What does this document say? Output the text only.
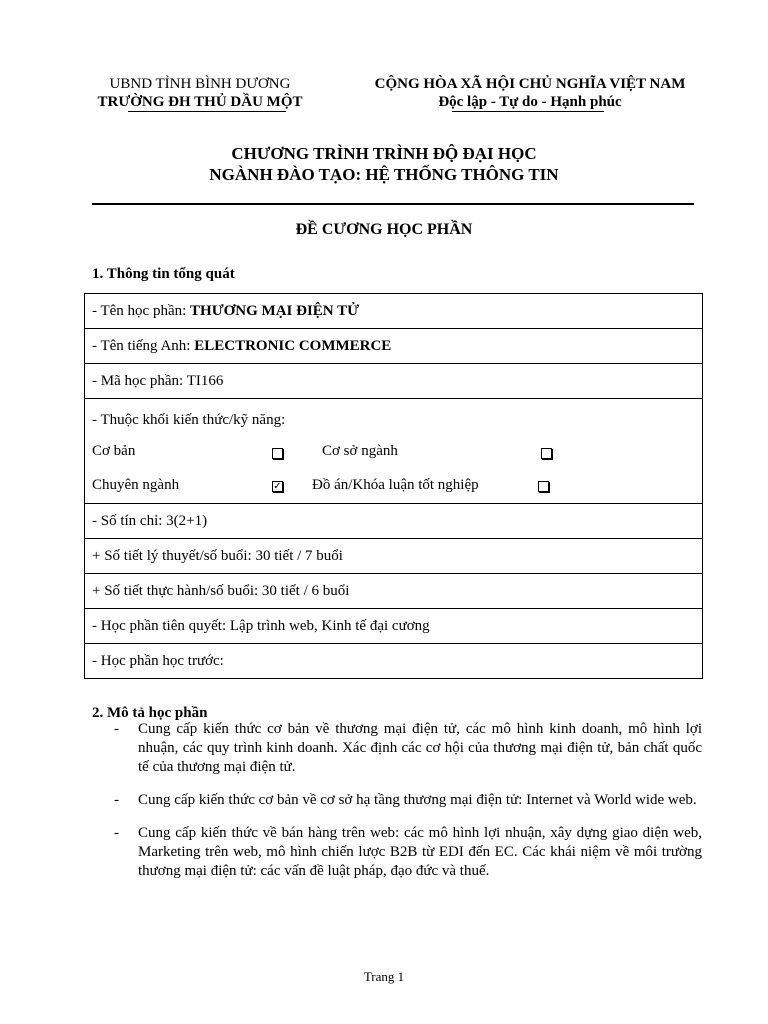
UBND TỈNH BÌNH DƯƠNG
TRƯỜNG ĐH THỦ DẦU MỘT
CỘNG HÒA XÃ HỘI CHỦ NGHĨA VIỆT NAM
Độc lập - Tự do - Hạnh phúc
CHƯƠNG TRÌNH TRÌNH ĐỘ ĐẠI HỌC
NGÀNH ĐÀO TẠO: HỆ THỐNG THÔNG TIN
ĐỀ CƯƠNG HỌC PHẦN
1. Thông tin tổng quát
- Tên học phần: THƯƠNG MẠI ĐIỆN TỬ
- Tên tiếng Anh: ELECTRONIC COMMERCE
- Mã học phần: TI166

- Thuộc khối kiến thức/kỹ năng:
Cơ bản	Cơ sở ngành
Chuyên ngành	✓ Đồ án/Khóa luận tốt nghiệp

- Số tín chỉ: 3(2+1)
+ Số tiết lý thuyết/số buổi: 30 tiết / 7 buổi
+ Số tiết thực hành/số buổi: 30 tiết / 6 buổi
- Học phần tiên quyết: Lập trình web, Kinh tế đại cương
- Học phần học trước:
2. Mô tả học phần
- Cung cấp kiến thức cơ bản về thương mại điện tử, các mô hình kinh doanh, mô hình lợi nhuận, các quy trình kinh doanh. Xác định các cơ hội của thương mại điện tử, bản chất quốc tế của thương mại điện tử.
- Cung cấp kiến thức cơ bản về cơ sở hạ tầng thương mại điện tử: Internet và World wide web.
- Cung cấp kiến thức về bán hàng trên web: các mô hình lợi nhuận, xây dựng giao diện web, Marketing trên web, mô hình chiến lược B2B từ EDI đến EC. Các khái niệm về môi trường thương mại điện tử: các vấn đề luật pháp, đạo đức và thuế.
Trang 1
